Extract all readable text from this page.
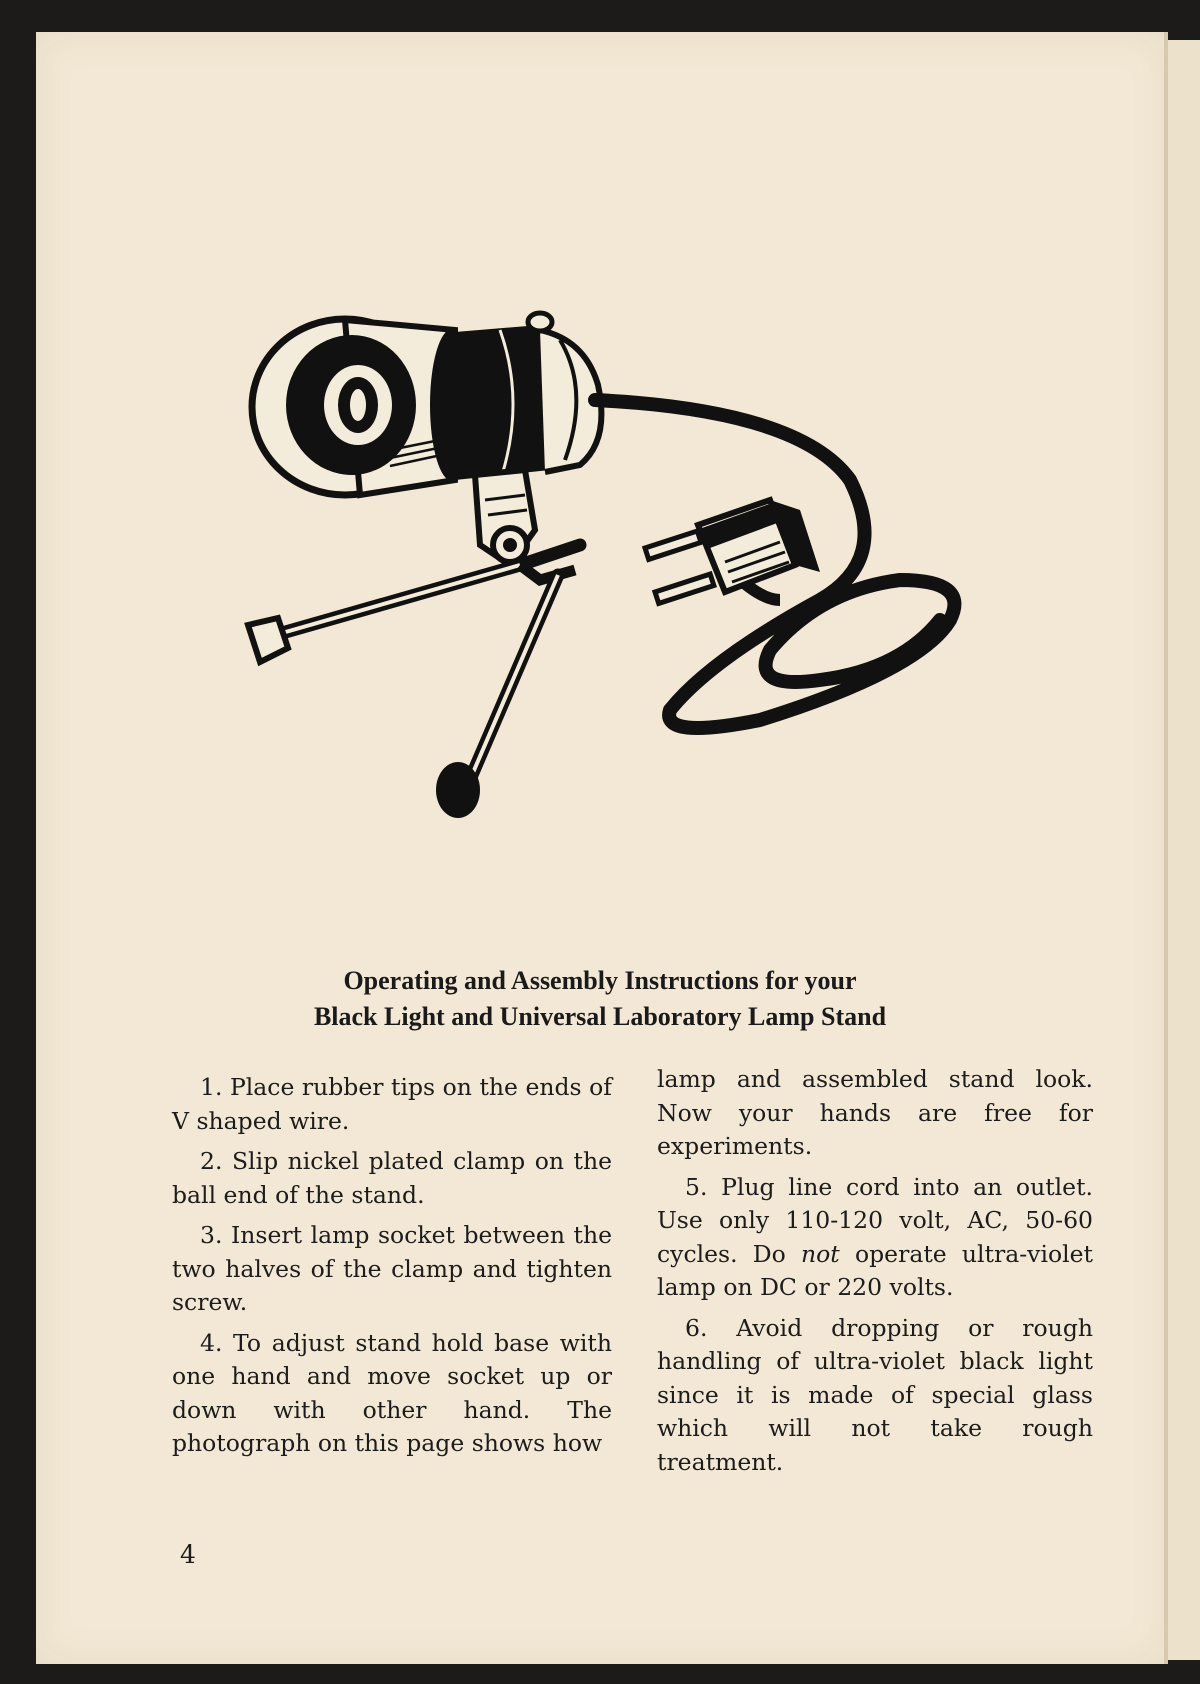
Operating and Assembly Instructions for your
Black Light and Universal Laboratory Lamp Stand

1. Place rubber tips on the ends of V shaped wire.

2. Slip nickel plated clamp on the ball end of the stand.

3. Insert lamp socket between the two halves of the clamp and tighten screw.

4. To adjust stand hold base with one hand and move socket up or down with other hand. The photograph on this page shows how

lamp and assembled stand look. Now your hands are free for experiments.

5. Plug line cord into an outlet. Use only 110-120 volt, AC, 50-60 cycles. Do not operate ultra-violet lamp on DC or 220 volts.

6. Avoid dropping or rough handling of ultra-violet black light since it is made of special glass which will not take rough treatment.

4
